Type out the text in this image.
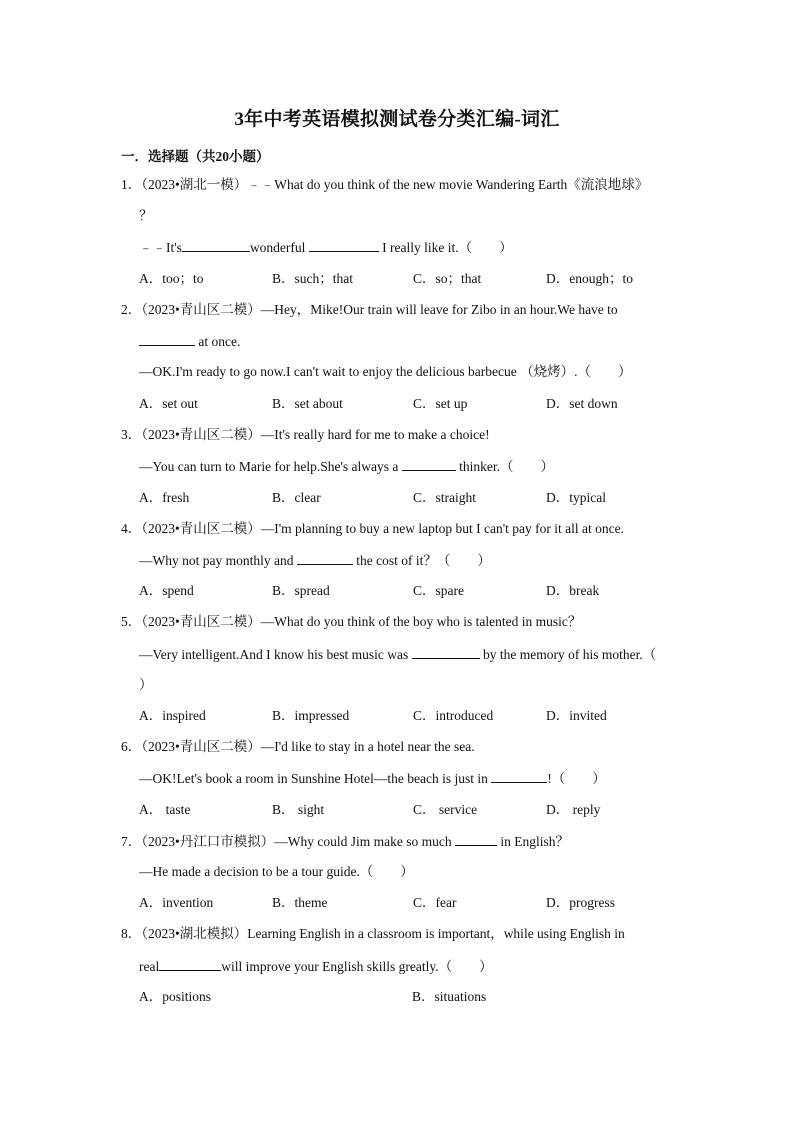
3年中考英语模拟测试卷分类汇编-词汇
一．选择题（共20小题）
1．（2023•湖北一模）﹣﹣What do you think of the new movie Wandering Earth《流浪地球》
？
﹣﹣It's	wonderful	I really like it.（　　）
A．too；to	B．such；that	C．so；that	D．enough；to
2．（2023•青山区二模）—Hey，Mike!Our train will leave for Zibo in an hour.We have to
at once.
—OK.I'm ready to go now.I can't wait to enjoy the delicious barbecue （烧烤）.（　　）
A．set out	B．set about	C．set up	D．set down
3．（2023•青山区二模）—It's really hard for me to make a choice!
—You can turn to Marie for help.She's always a	thinker.（　　）
A．fresh	B．clear	C．straight	D．typical
4．（2023•青山区二模）—I'm planning to buy a new laptop but I can't pay for it all at once.
—Why not pay monthly and	the cost of it？（　　）
A．spend	B．spread	C．spare	D．break
5．（2023•青山区二模）—What do you think of the boy who is talented in music？
—Very intelligent.And I know his best music was	by the memory of his mother.（
）
A．inspired	B．impressed	C．introduced	D．invited
6．（2023•青山区二模）—I'd like to stay in a hotel near the sea.
—OK!Let's book a room in Sunshine Hotel—the beach is just in	!（　　）
A． taste	B． sight	C． service	D． reply
7．（2023•丹江口市模拟）—Why could Jim make so much	in English？
—He made a decision to be a tour guide.（　　）
A．invention	B．theme	C．fear	D．progress
8．（2023•湖北模拟）Learning English in a classroom is important，while using English in
real	will improve your English skills greatly.（　　）
A．positions	B．situations
